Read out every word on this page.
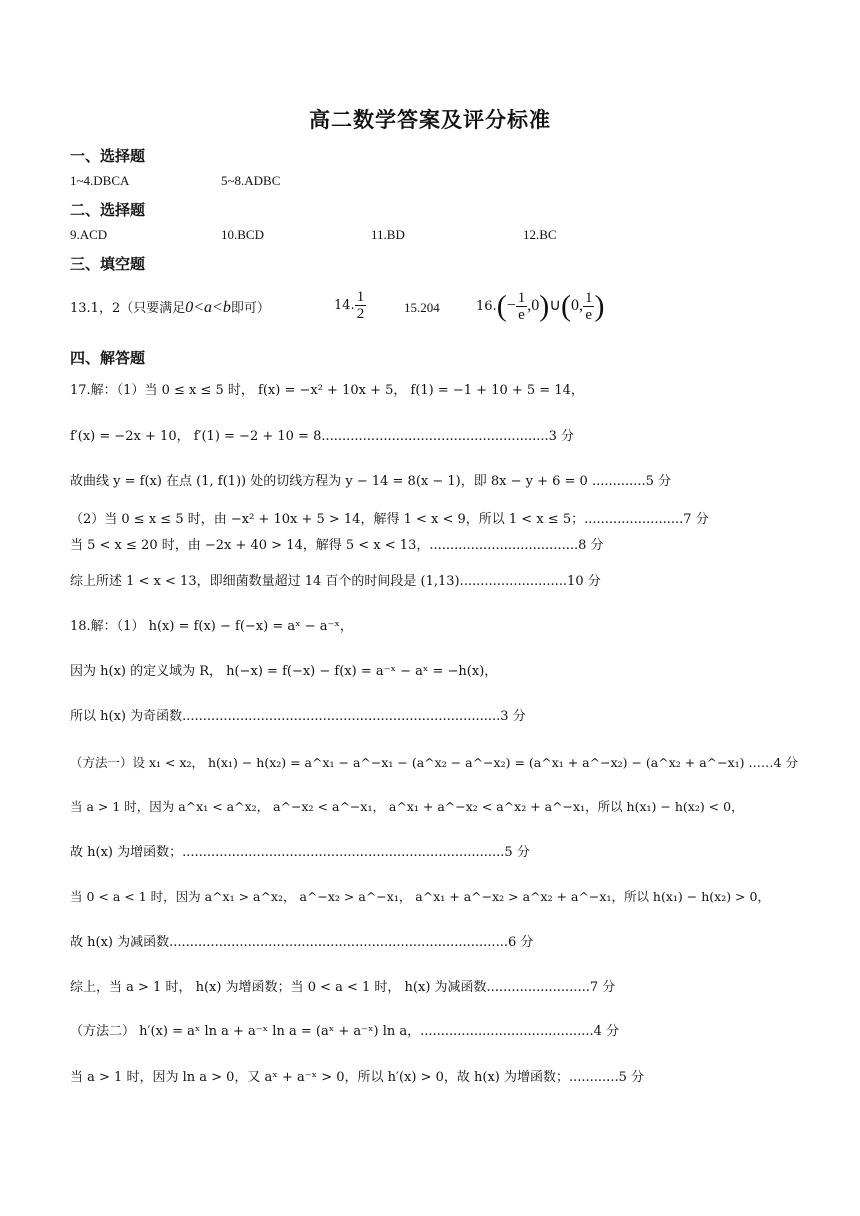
高二数学答案及评分标准
一、选择题
1~4.DBCA	5~8.ADBC
二、选择题
9.ACD	10.BCD	11.BD	12.BC
三、填空题
13.1，2（只要满足0<a<b即可）	14. $\frac{1}{2}$	15.204	$16.(- \frac{1}{e}$ ,0)∪(0, $\frac{1}{e}$ )
四、解答题
17.解：（1）当 0 ≤ x ≤ 5 时， f(x) = −x² + 10x + 5， f(1) = −1 + 10 + 5 = 14，
f′(x) = −2x + 10， f′(1) = −2 + 10 = 8.......................................................3 分
故曲线 y = f(x) 在点 (1, f(1)) 处的切线方程为 y − 14 = 8(x − 1)，即 8x − y + 6 = 0 .............5 分
（2）当 0 ≤ x ≤ 5 时，由 −x² + 10x + 5 > 14，解得 1 < x < 9，所以 1 < x ≤ 5；........................7 分
当 5 < x ≤ 20 时，由 −2x + 40 > 14，解得 5 < x < 13，....................................8 分
综上所述 1 < x < 13，即细菌数量超过 14 百个的时间段是 (1,13)..........................10 分
18.解：（1） h(x) = f(x) − f(−x) = aˣ − a⁻ˣ，
因为 h(x) 的定义域为 R， h(−x) = f(−x) − f(x) = a⁻ˣ − aˣ = −h(x)，
所以 h(x) 为奇函数.............................................................................3 分
（方法一）设 x₁ < x₂， h(x₁) − h(x₂) = a^x₁ − a^−x₁ − (a^x₂ − a^−x₂) = (a^x₁ + a^−x₂) − (a^x₂ + a^−x₁) ……4 分
当 a > 1 时，因为 a^x₁ < a^x₂， a^−x₂ < a^−x₁， a^x₁ + a^−x₂ < a^x₂ + a^−x₁，所以 h(x₁) − h(x₂) < 0，
故 h(x) 为增函数；..............................................................................5 分
当 0 < a < 1 时，因为 a^x₁ > a^x₂， a^−x₂ > a^−x₁， a^x₁ + a^−x₂ > a^x₂ + a^−x₁，所以 h(x₁) − h(x₂) > 0，
故 h(x) 为减函数..................................................................................6 分
综上，当 a > 1 时， h(x) 为增函数；当 0 < a < 1 时， h(x) 为减函数.........................7 分
（方法二） h′(x) = aˣ ln a + a⁻ˣ ln a = (aˣ + a⁻ˣ) ln a，..........................................4 分
当 a > 1 时，因为 ln a > 0，又 aˣ + a⁻ˣ > 0，所以 h′(x) > 0，故 h(x) 为增函数；............5 分
